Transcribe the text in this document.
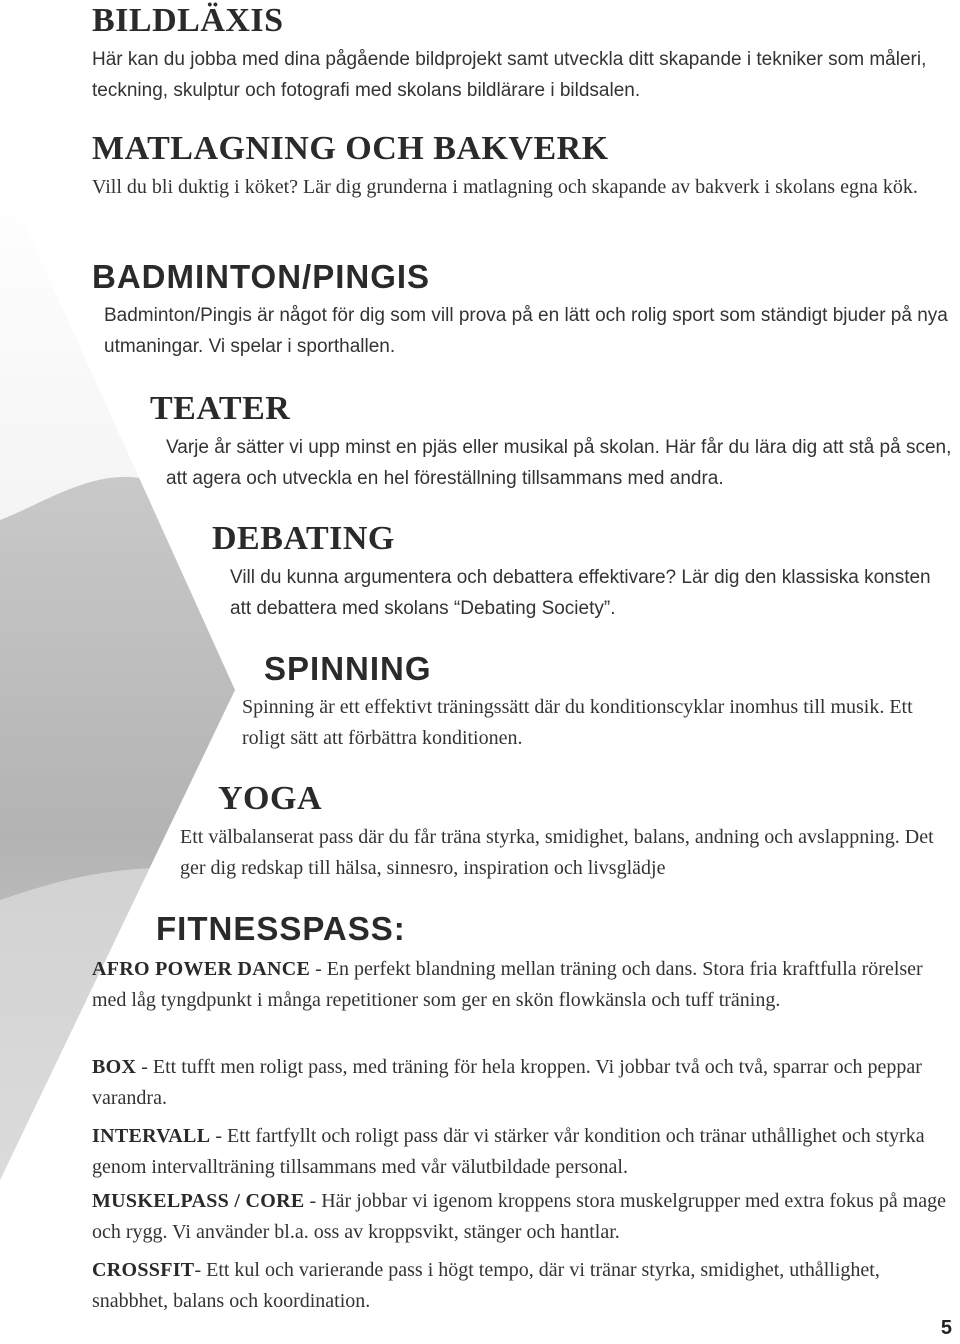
BILDLÄXIS

Här kan du jobba med dina pågående bildprojekt samt utveckla ditt skapande i tekniker som måleri, teckning, skulptur och fotografi med skolans bildlärare i bildsalen.

MATLAGNING OCH BAKVERK

Vill du bli duktig i köket? Lär dig grunderna i matlagning och skapande av bakverk i skolans egna kök.

BADMINTON/PINGIS

Badminton/Pingis är något för dig som vill prova på en lätt och rolig sport som ständigt bjuder på nya utmaningar. Vi spelar i sporthallen.

TEATER

Varje år sätter vi upp minst en pjäs eller musikal på skolan. Här får du lära dig att stå på scen, att agera och utveckla en hel föreställning tillsammans med andra.

DEBATING

Vill du kunna argumentera och debattera effektivare? Lär dig den klassiska konsten att debattera med skolans “Debating Society”.

SPINNING

Spinning är ett effektivt träningssätt där du konditionscyklar inomhus till musik. Ett roligt sätt att förbättra konditionen.

YOGA

Ett välbalanserat pass där du får träna styrka, smidighet, balans, andning och avslappning. Det ger dig redskap till hälsa, sinnesro, inspiration och livsglädje

FITNESSPASS:
AFRO POWER DANCE - En perfekt blandning mellan träning och dans. Stora fria kraftfulla rörelser med låg tyngdpunkt i många repetitioner som ger en skön flowkänsla och tuff träning.
BOX - Ett tufft men roligt pass, med träning för hela kroppen. Vi jobbar två och två, sparrar och peppar varandra.
INTERVALL - Ett fartfyllt och roligt pass där vi stärker vår kondition och tränar uthållighet och styrka genom intervallträning tillsammans med vår välutbildade personal.
MUSKELPASS / CORE - Här jobbar vi igenom kroppens stora muskelgrupper med extra fokus på mage och rygg. Vi använder bl.a. oss av kroppsvikt, stänger och hantlar.
CROSSFIT- Ett kul och varierande pass i högt tempo, där vi tränar styrka, smidighet, uthållighet, snabbhet, balans och koordination.
5
